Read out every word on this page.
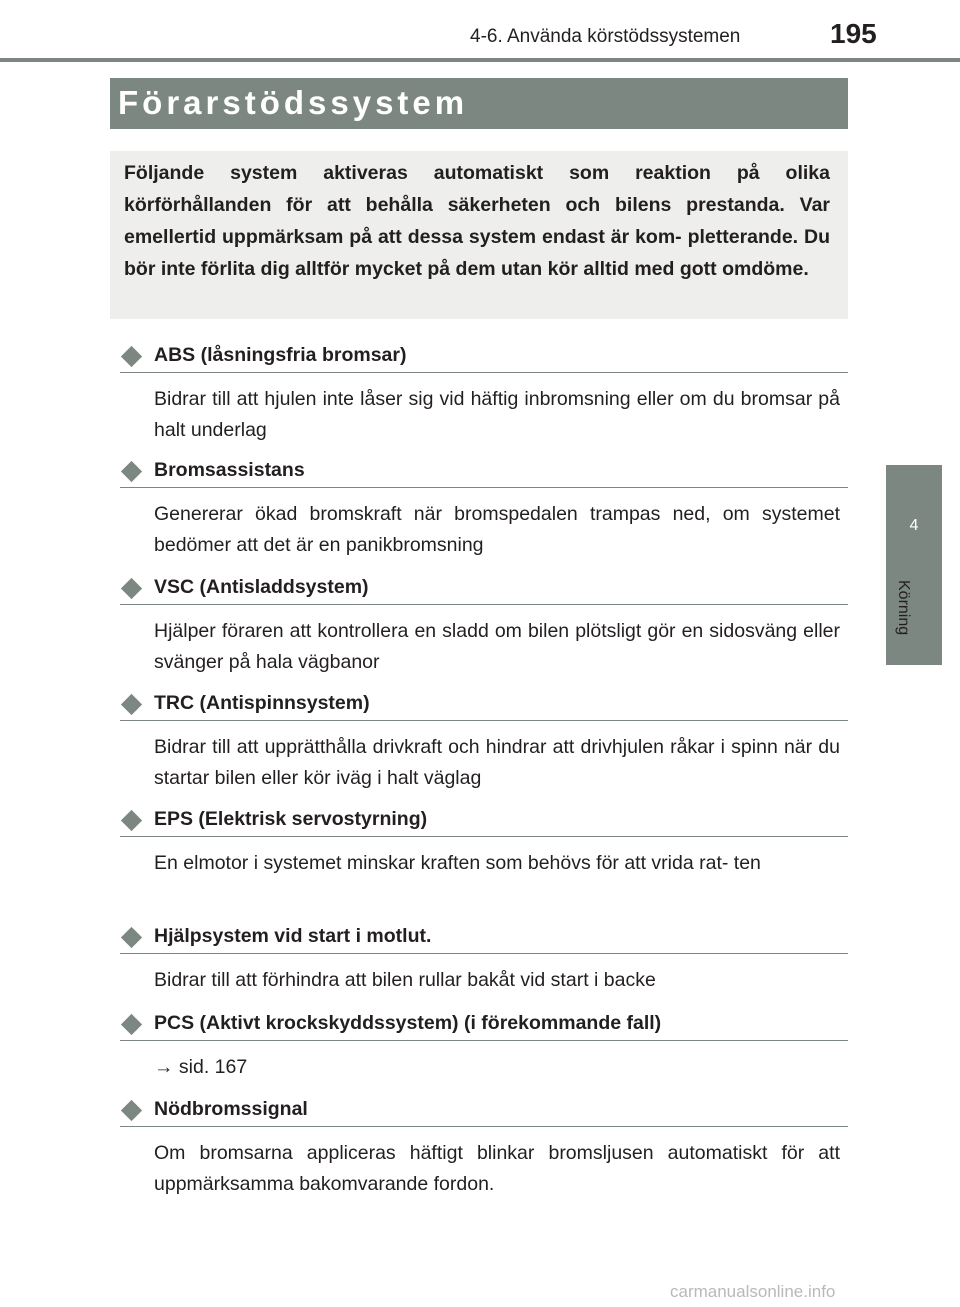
4-6. Använda körstödssystemen	195
4
Körning
Förarstödssystem
Följande system aktiveras automatiskt som reaktion på olika körförhållanden för att behålla säkerheten och bilens prestanda. Var emellertid uppmärksam på att dessa system endast är kom- pletterande. Du bör inte förlita dig alltför mycket på dem utan kör alltid med gott omdöme.
ABS (låsningsfria bromsar)
Bidrar till att hjulen inte låser sig vid häftig inbromsning eller om du bromsar på halt underlag
Bromsassistans
Genererar ökad bromskraft när bromspedalen trampas ned, om systemet bedömer att det är en panikbromsning
VSC (Antisladdsystem)
Hjälper föraren att kontrollera en sladd om bilen plötsligt gör en sidosväng eller svänger på hala vägbanor
TRC (Antispinnsystem)
Bidrar till att upprätthålla drivkraft och hindrar att drivhjulen råkar i spinn när du startar bilen eller kör iväg i halt väglag
EPS (Elektrisk servostyrning)
En elmotor i systemet minskar kraften som behövs för att vrida rat- ten
Hjälpsystem vid start i motlut.
Bidrar till att förhindra att bilen rullar bakåt vid start i backe
PCS (Aktivt krockskyddssystem) (i förekommande fall)
→ sid. 167
Nödbromssignal
Om bromsarna appliceras häftigt blinkar bromsljusen automatiskt för att uppmärksamma bakomvarande fordon.
carmanualsonline.info
